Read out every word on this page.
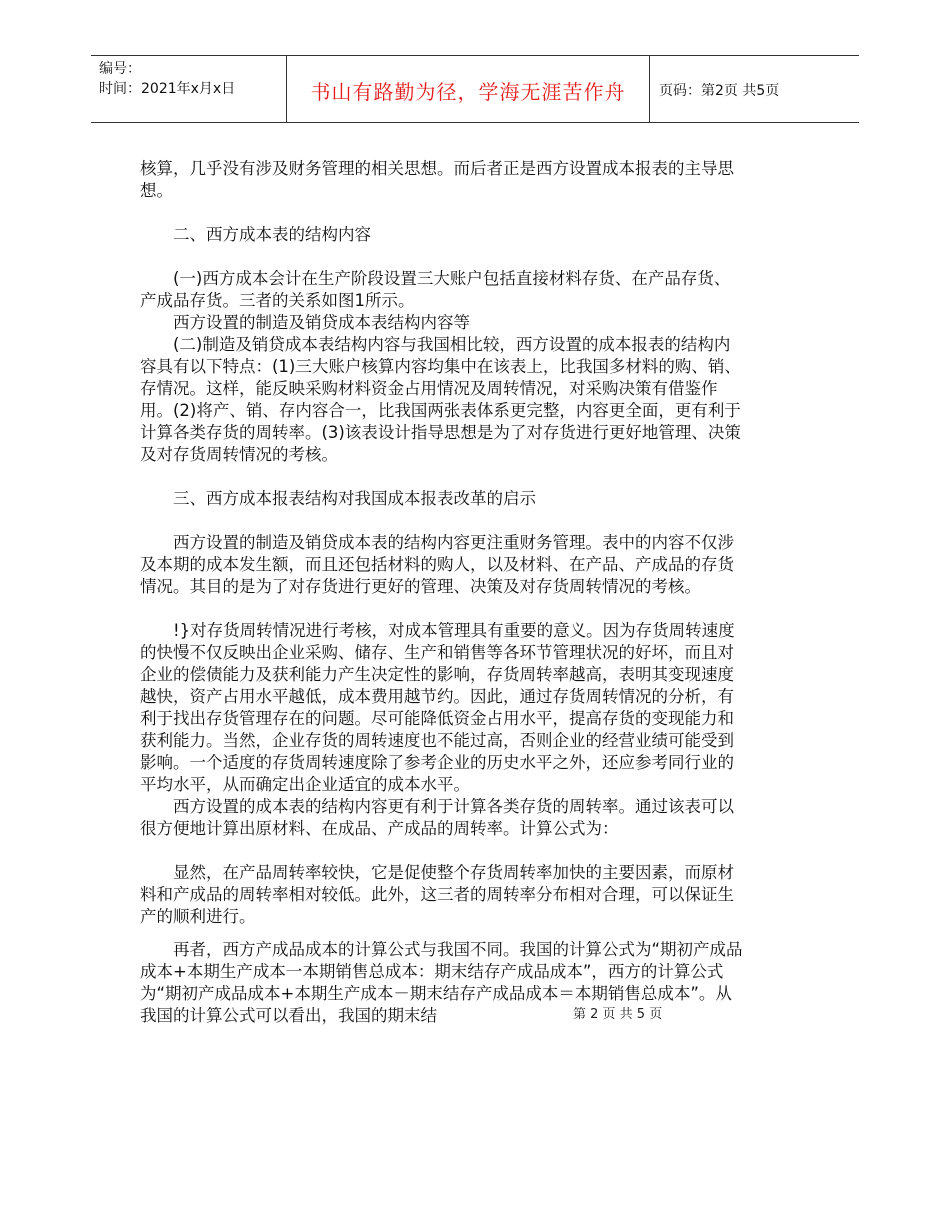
编号：
时间：2021年x月x日	书山有路勤为径，学海无涯苦作舟	页码：第2页 共5页

核算，几乎没有涉及财务管理的相关思想。而后者正是西方设置成本报表的主导思想。

二、西方成本表的结构内容

(一)西方成本会计在生产阶段设置三大账户包括直接材料存货、在产品存货、产成品存货。三者的关系如图1所示。

西方设置的制造及销贷成本表结构内容等

(二)制造及销贷成本表结构内容与我国相比较，西方设置的成本报表的结构内容具有以下特点：(1)三大账户核算内容均集中在该表上，比我国多材料的购、销、存情况。这样，能反映采购材料资金占用情况及周转情况，对采购决策有借鉴作用。(2)将产、销、存内容合一，比我国两张表体系更完整，内容更全面，更有利于计算各类存货的周转率。(3)该表设计指导思想是为了对存货进行更好地管理、决策及对存货周转情况的考核。

三、西方成本报表结构对我国成本报表改革的启示

西方设置的制造及销贷成本表的结构内容更注重财务管理。表中的内容不仅涉及本期的成本发生额，而且还包括材料的购人，以及材料、在产品、产成品的存货情况。其目的是为了对存货进行更好的管理、决策及对存货周转情况的考核。

!}对存货周转情况进行考核，对成本管理具有重要的意义。因为存货周转速度的快慢不仅反映出企业采购、储存、生产和销售等各环节管理状况的好坏，而且对企业的偿债能力及获利能力产生决定性的影响，存货周转率越高，表明其变现速度越快，资产占用水平越低，成本费用越节约。因此，通过存货周转情况的分析，有利于找出存货管理存在的问题。尽可能降低资金占用水平，提高存货的变现能力和获利能力。当然，企业存货的周转速度也不能过高，否则企业的经营业绩可能受到影响。一个适度的存货周转速度除了参考企业的历史水平之外，还应参考同行业的平均水平，从而确定出企业适宜的成本水平。

西方设置的成本表的结构内容更有利于计算各类存货的周转率。通过该表可以很方便地计算出原材料、在成品、产成品的周转率。计算公式为：

显然，在产品周转率较快，它是促使整个存货周转率加快的主要因素，而原材料和产成品的周转率相对较低。此外，这三者的周转率分布相对合理，可以保证生产的顺利进行。

再者，西方产成品成本的计算公式与我国不同。我国的计算公式为“期初产成品成本+本期生产成本一本期销售总成本：期末结存产成品成本”，西方的计算公式为“期初产成品成本+本期生产成本－期末结存产成品成本＝本期销售总成本”。从我国的计算公式可以看出，我国的期末结	第 2 页 共 5 页
